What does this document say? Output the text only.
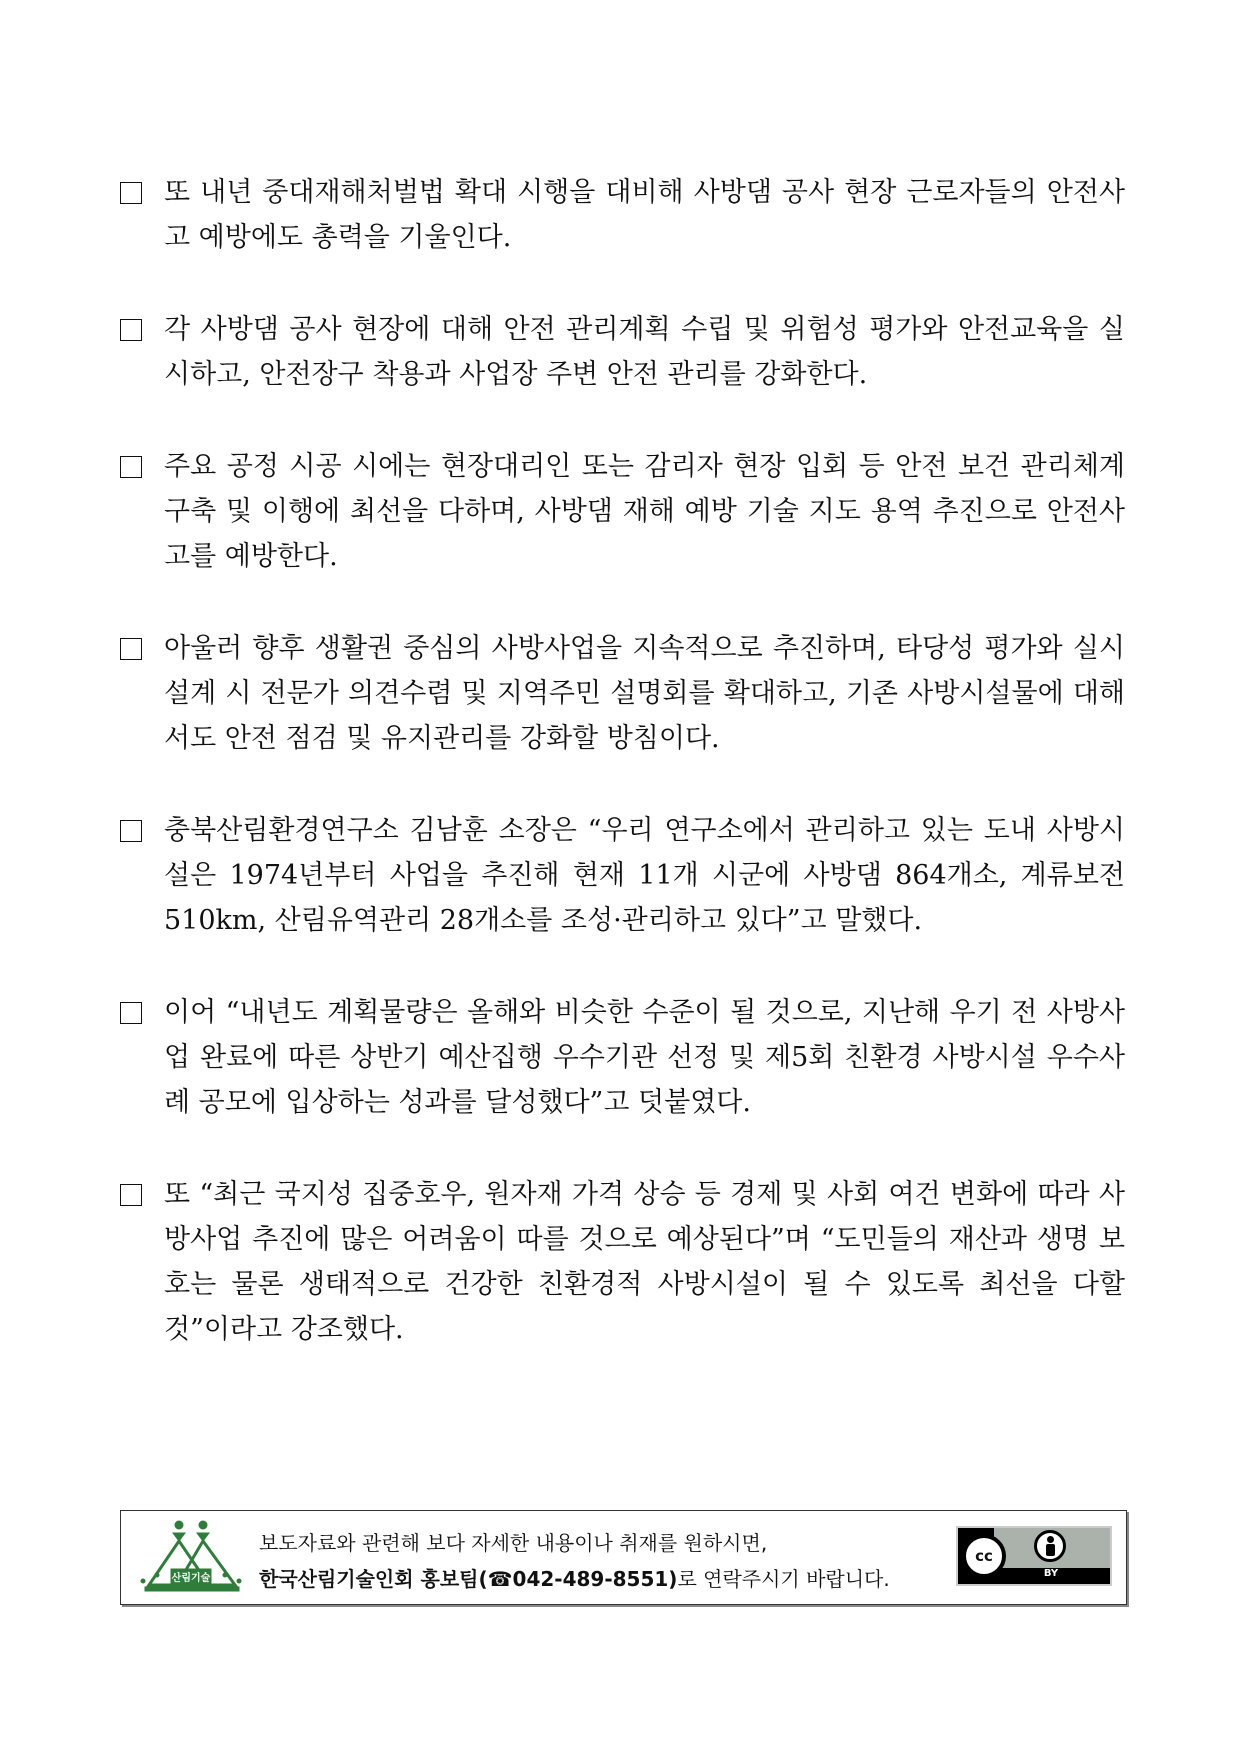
또 내년 중대재해처벌법 확대 시행을 대비해 사방댐 공사 현장 근로자들의 안전사고 예방에도 총력을 기울인다.
각 사방댐 공사 현장에 대해 안전 관리계획 수립 및 위험성 평가와 안전교육을 실시하고, 안전장구 착용과 사업장 주변 안전 관리를 강화한다.
주요 공정 시공 시에는 현장대리인 또는 감리자 현장 입회 등 안전 보건 관리체계 구축 및 이행에 최선을 다하며, 사방댐 재해 예방 기술 지도 용역 추진으로 안전사고를 예방한다.
아울러 향후 생활권 중심의 사방사업을 지속적으로 추진하며, 타당성 평가와 실시설계 시 전문가 의견수렴 및 지역주민 설명회를 확대하고, 기존 사방시설물에 대해서도 안전 점검 및 유지관리를 강화할 방침이다.
충북산림환경연구소 김남훈 소장은 “우리 연구소에서 관리하고 있는 도내 사방시설은 1974년부터 사업을 추진해 현재 11개 시군에 사방댐 864개소, 계류보전 510km, 산림유역관리 28개소를 조성·관리하고 있다”고 말했다.
이어 “내년도 계획물량은 올해와 비슷한 수준이 될 것으로, 지난해 우기 전 사방사업 완료에 따른 상반기 예산집행 우수기관 선정 및 제5회 친환경 사방시설 우수사례 공모에 입상하는 성과를 달성했다”고 덧붙였다.
또 “최근 국지성 집중호우, 원자재 가격 상승 등 경제 및 사회 여건 변화에 따라 사방사업 추진에 많은 어려움이 따를 것으로 예상된다”며 “도민들의 재산과 생명 보호는 물론 생태적으로 건강한 친환경적 사방시설이 될 수 있도록 최선을 다할 것”이라고 강조했다.
산림기술
보도자료와 관련해 보다 자세한 내용이나 취재를 원하시면,
한국산림기술인회 홍보팀(☎042-489-8551)로 연락주시기 바랍니다.
cc
BY
